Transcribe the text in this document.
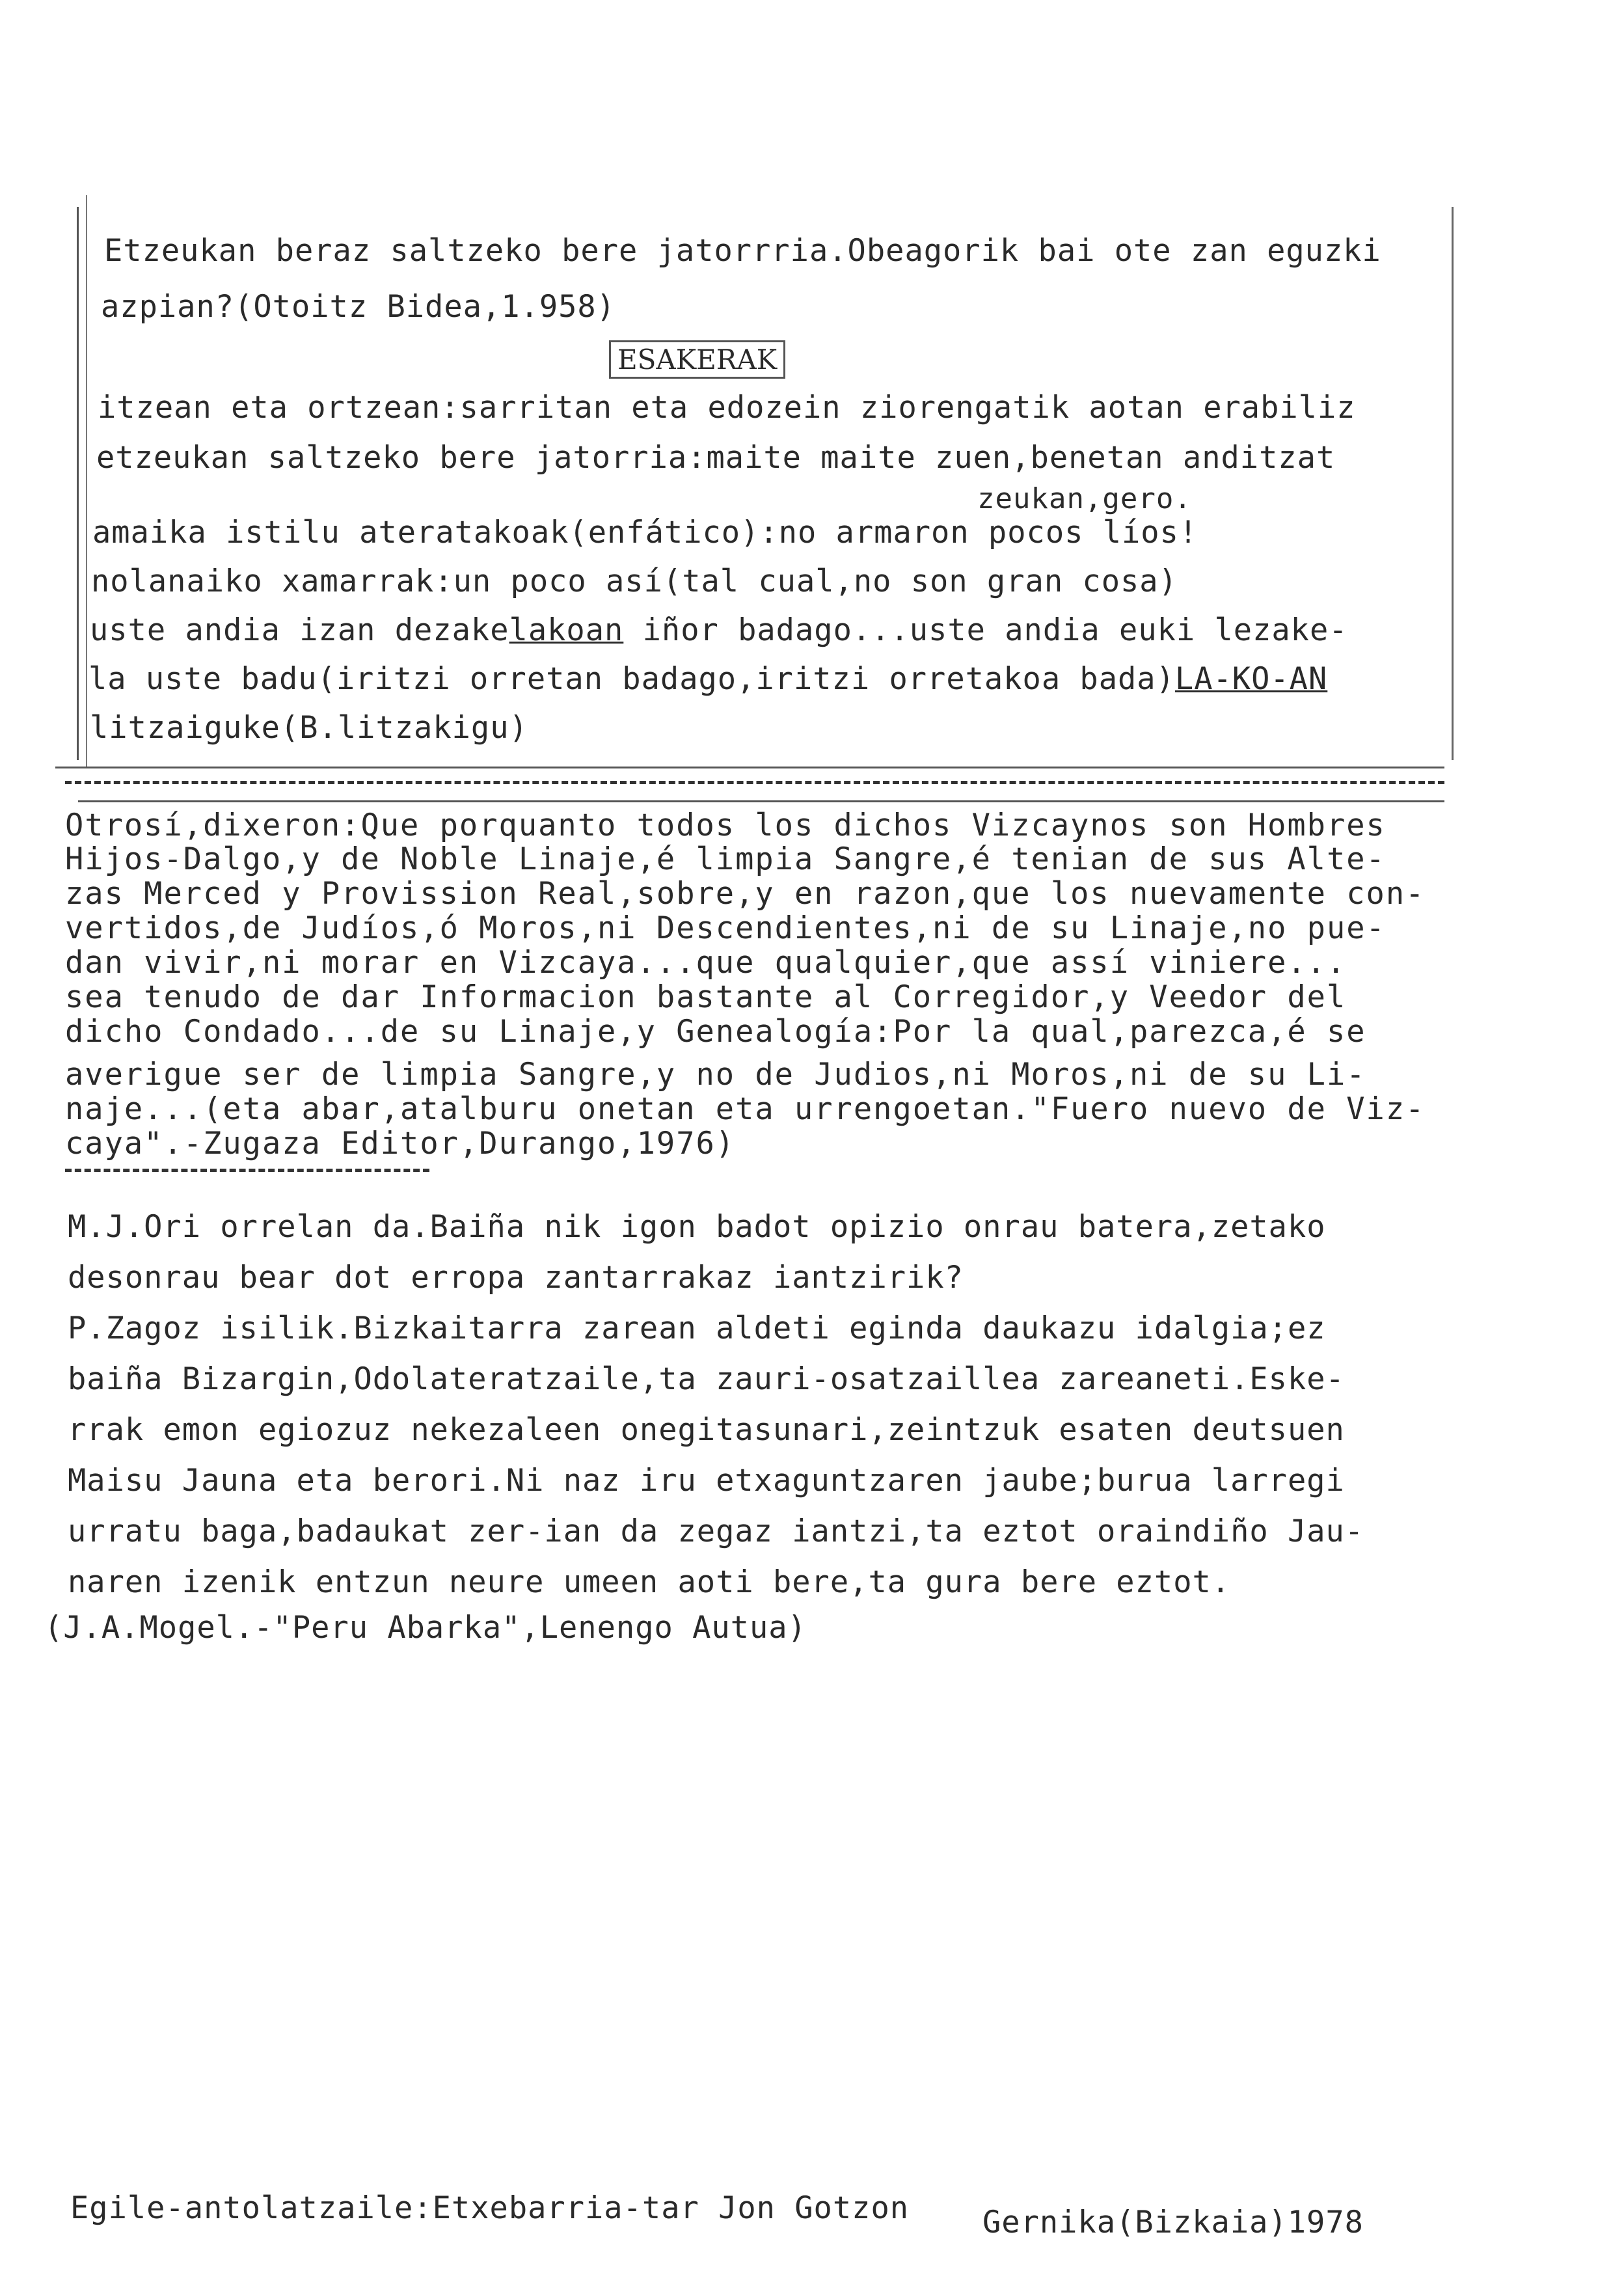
Etzeukan beraz saltzeko bere jatorrria.Obeagorik bai ote zan eguzki
azpian?(Otoitz Bidea,1.958)
ESAKERAK
itzean eta ortzean:sarritan eta edozein ziorengatik aotan erabiliz
etzeukan saltzeko bere jatorria:maite maite zuen,benetan anditzat
zeukan,gero.
amaika istilu ateratakoak(enfático):no armaron pocos líos!
nolanaiko xamarrak:un poco así(tal cual,no son gran cosa)
uste andia izan dezakelakoan iñor badago...uste andia euki lezake-
la uste badu(iritzi orretan badago,iritzi orretakoa bada)LA-KO-AN
litzaiguke(B.litzakigu)
Otrosí,dixeron:Que porquanto todos los dichos Vizcaynos son Hombres
Hijos-Dalgo,y de Noble Linaje,é limpia Sangre,é tenian de sus Alte-
zas Merced y Provission Real,sobre,y en razon,que los nuevamente con-
vertidos,de Judíos,ó Moros,ni Descendientes,ni de su Linaje,no pue-
dan vivir,ni morar en Vizcaya...que qualquier,que assí viniere...
sea tenudo de dar Informacion bastante al Corregidor,y Veedor del
dicho Condado...de su Linaje,y Genealogía:Por la qual,parezca,é se
averigue ser de limpia Sangre,y no de Judios,ni Moros,ni de su Li-
naje...(eta abar,atalburu onetan eta urrengoetan."Fuero nuevo de Viz-
caya".-Zugaza Editor,Durango,1976)
M.J.Ori orrelan da.Baiña nik igon badot opizio onrau batera,zetako
desonrau bear dot erropa zantarrakaz iantzirik?
P.Zagoz isilik.Bizkaitarra zarean aldeti eginda daukazu idalgia;ez
baiña Bizargin,Odolateratzaile,ta zauri-osatzaillea zareaneti.Eske-
rrak emon egiozuz nekezaleen onegitasunari,zeintzuk esaten deutsuen
Maisu Jauna eta berori.Ni naz iru etxaguntzaren jaube;burua larregi
urratu baga,badaukat zer-ian da zegaz iantzi,ta eztot oraindiño Jau-
naren izenik entzun neure umeen aoti bere,ta gura bere eztot.
(J.A.Mogel.-"Peru Abarka",Lenengo Autua)
Egile-antolatzaile:Etxebarria-tar Jon Gotzon Gernika(Bizkaia)1978
